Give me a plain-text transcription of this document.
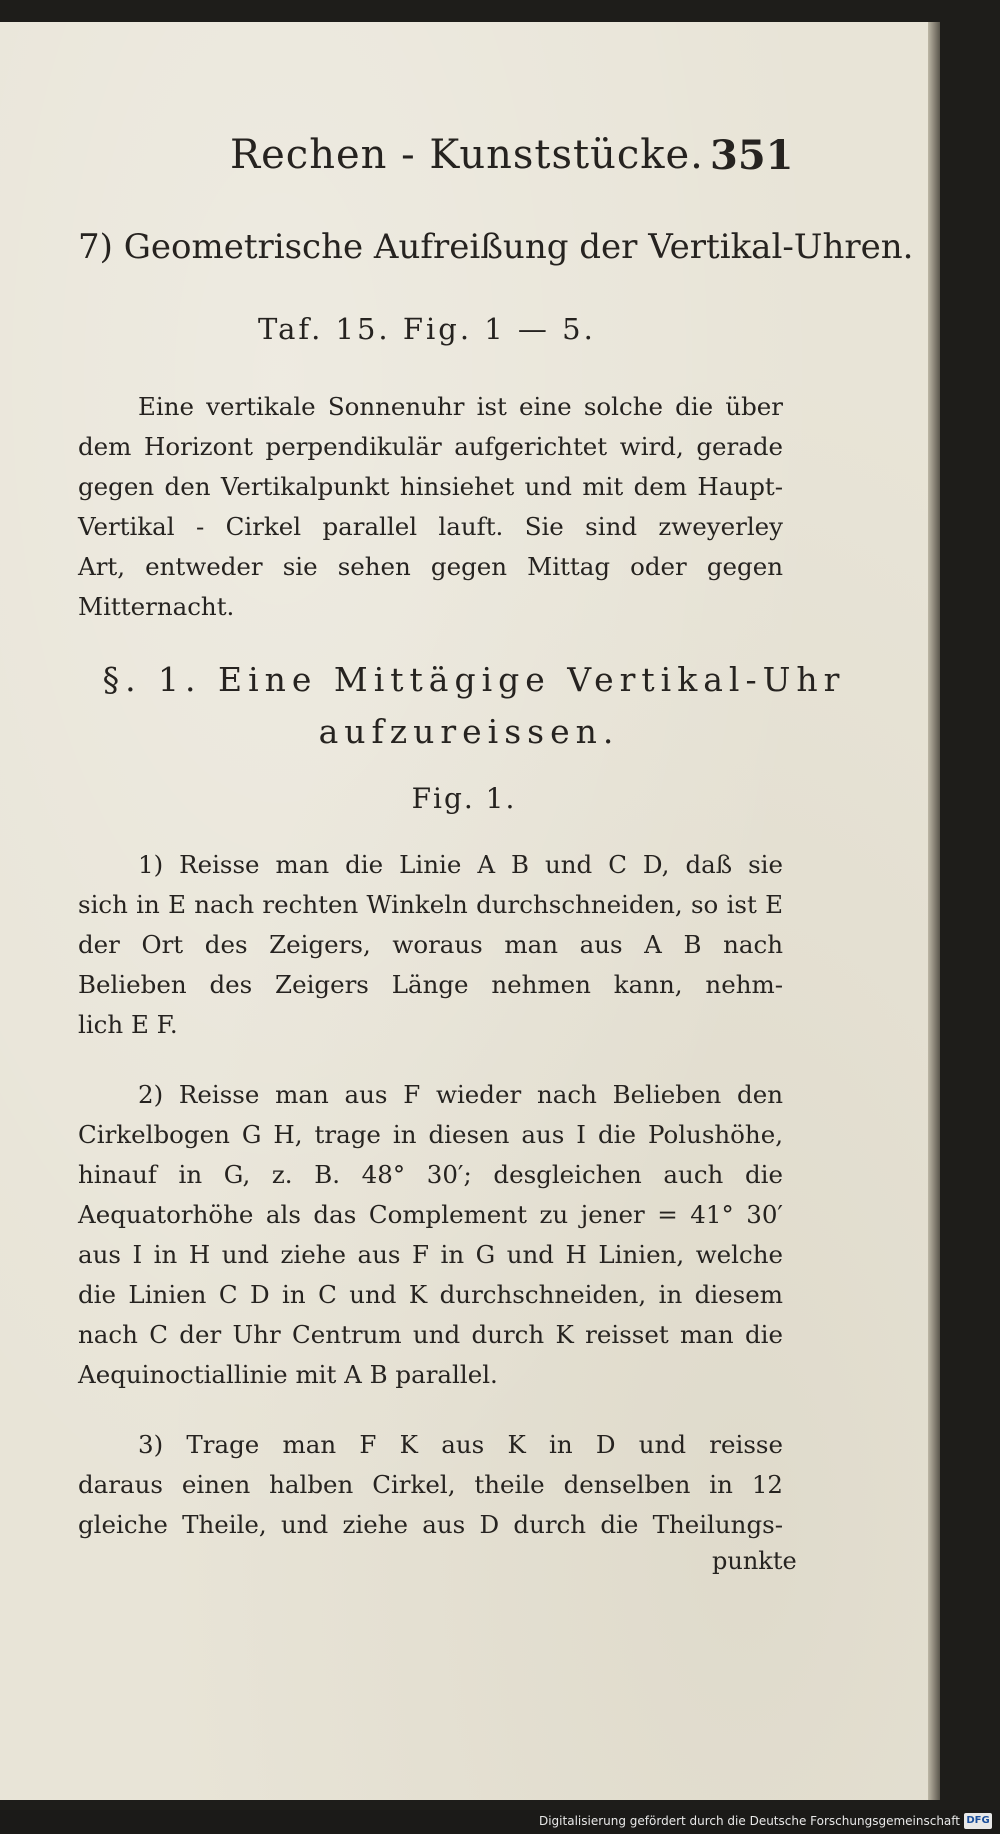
Rechen - Kunststücke. 351
7) Geometrische Aufreißung der Vertikal-Uhren.
Taf. 15. Fig. 1 — 5.
Eine vertikale Sonnenuhr ist eine solche die über
dem Horizont perpendikulär aufgerichtet wird, gerade
gegen den Vertikalpunkt hinsiehet und mit dem Haupt-
Vertikal - Cirkel parallel lauft. Sie sind zweyerley
Art, entweder sie sehen gegen Mittag oder gegen
Mitternacht.
§. 1. Eine Mittägige Vertikal-Uhr
aufzureissen.
Fig. 1.
1) Reisse man die Linie A B und C D, daß sie
sich in E nach rechten Winkeln durchschneiden, so ist E
der Ort des Zeigers, woraus man aus A B nach
Belieben des Zeigers Länge nehmen kann, nehm-
lich E F.
2) Reisse man aus F wieder nach Belieben den
Cirkelbogen G H, trage in diesen aus I die Polushöhe,
hinauf in G, z. B. 48° 30′; desgleichen auch die
Aequatorhöhe als das Complement zu jener = 41° 30′
aus I in H und ziehe aus F in G und H Linien, welche
die Linien C D in C und K durchschneiden, in diesem
nach C der Uhr Centrum und durch K reisset man die
Aequinoctiallinie mit A B parallel.
3) Trage man F K aus K in D und reisse
daraus einen halben Cirkel, theile denselben in 12
gleiche Theile, und ziehe aus D durch die Theilungs-
punkte
Digitalisierung gefördert durch die Deutsche Forschungsgemeinschaft DFG
